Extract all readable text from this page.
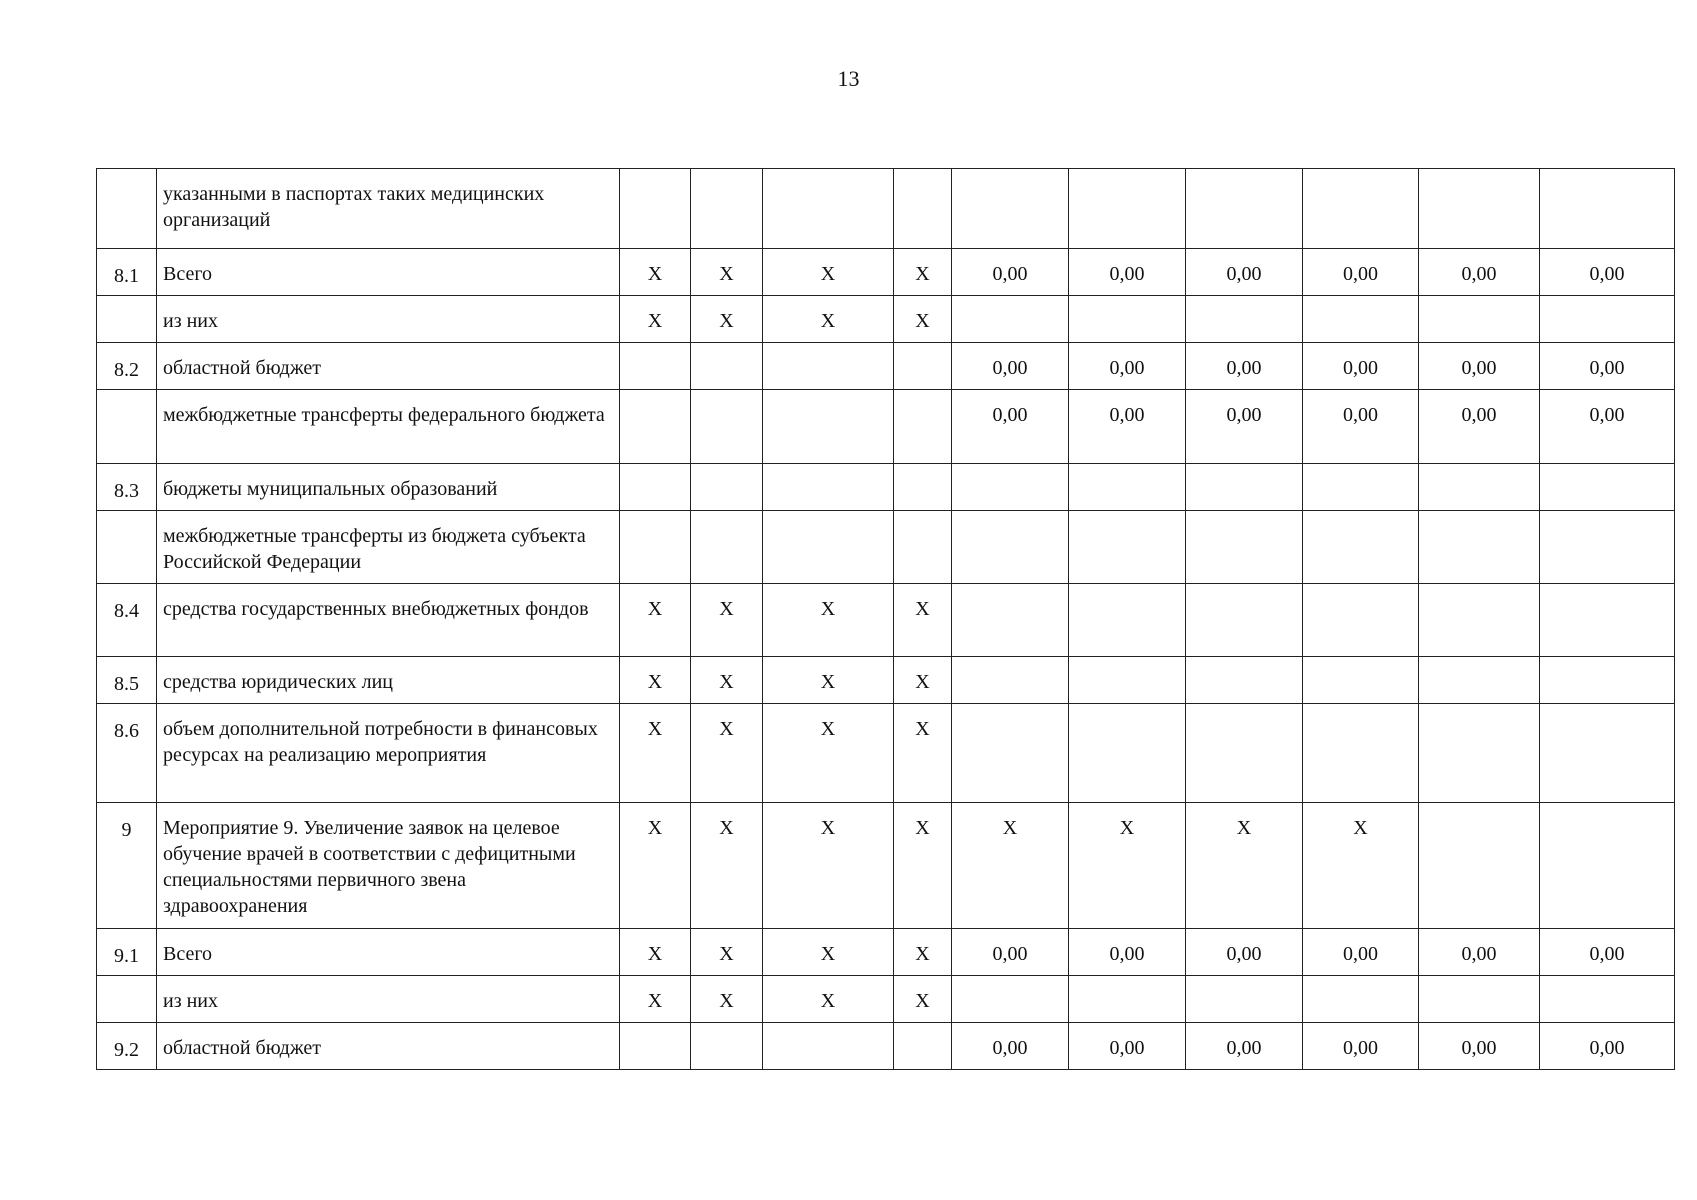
13
	указанными в паспортах таких медицинских организаций										
8.1	Всего	X	X	X	X	0,00	0,00	0,00	0,00	0,00	0,00
	из них	X	X	X	X						
8.2	областной бюджет					0,00	0,00	0,00	0,00	0,00	0,00
	межбюджетные трансферты федерального бюджета					0,00	0,00	0,00	0,00	0,00	0,00
8.3	бюджеты муниципальных образований										
	межбюджетные трансферты из бюджета субъекта Российской Федерации										
8.4	средства государственных внебюджетных фондов	X	X	X	X						
8.5	средства юридических лиц	X	X	X	X						
8.6	объем дополнительной потребности в финансовых ресурсах на реализацию мероприятия	X	X	X	X						
9	Мероприятие 9. Увеличение заявок на целевое обучение врачей в соответствии с дефицитными специальностями первичного звена здравоохранения	X	X	X	X	X	X	X	X		
9.1	Всего	X	X	X	X	0,00	0,00	0,00	0,00	0,00	0,00
	из них	X	X	X	X						
9.2	областной бюджет					0,00	0,00	0,00	0,00	0,00	0,00
